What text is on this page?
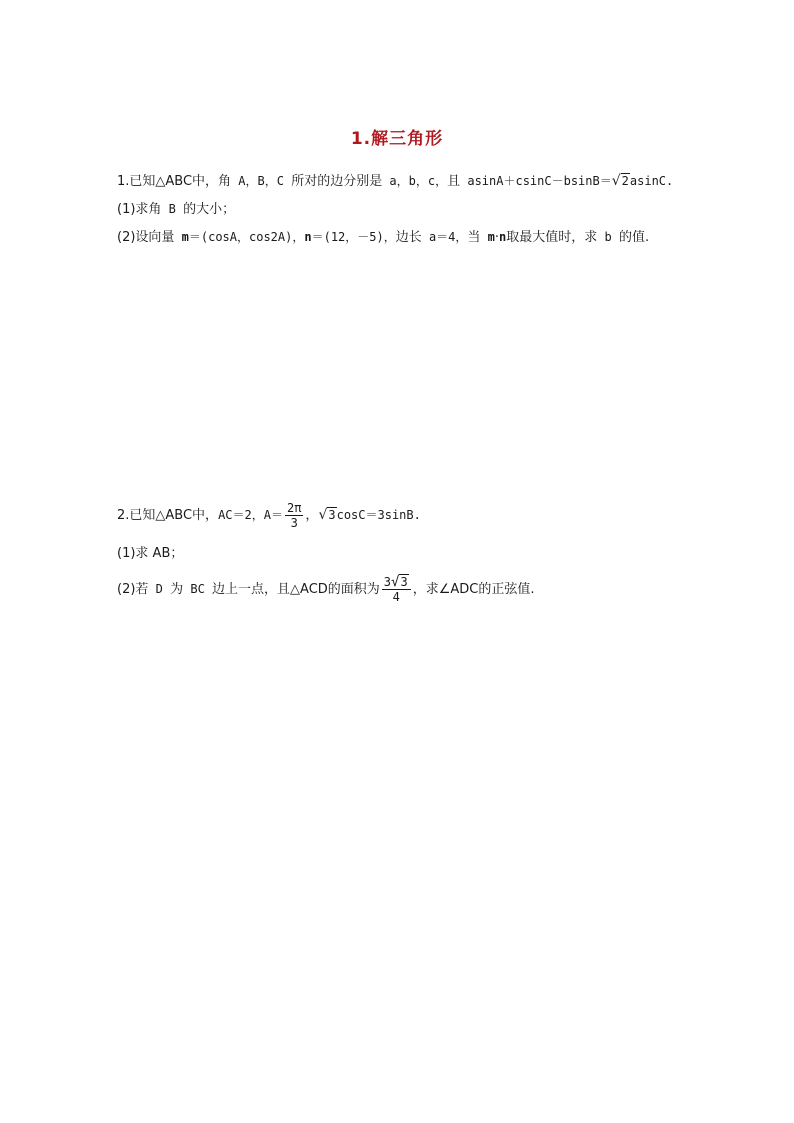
1.解三角形
1.已知△ABC中，角 A，B，C 所对的边分别是 a，b，c，且 asinA＋csinC－bsinB＝√2asinC.
(1)求角 B 的大小；
(2)设向量 m＝(cosA，cos2A)，n＝(12，－5)，边长 a＝4，当 m·n取最大值时，求 b 的值.
2.已知△ABC中，AC＝2，$A= \frac{2\pi}{3}$ ，√3cosC＝3sinB.
(1)求 AB；
(2)若 D 为 BC 边上一点，且△ACD的面积为 $\frac{3√3}{4}$ ，求∠ADC的正弦值.
